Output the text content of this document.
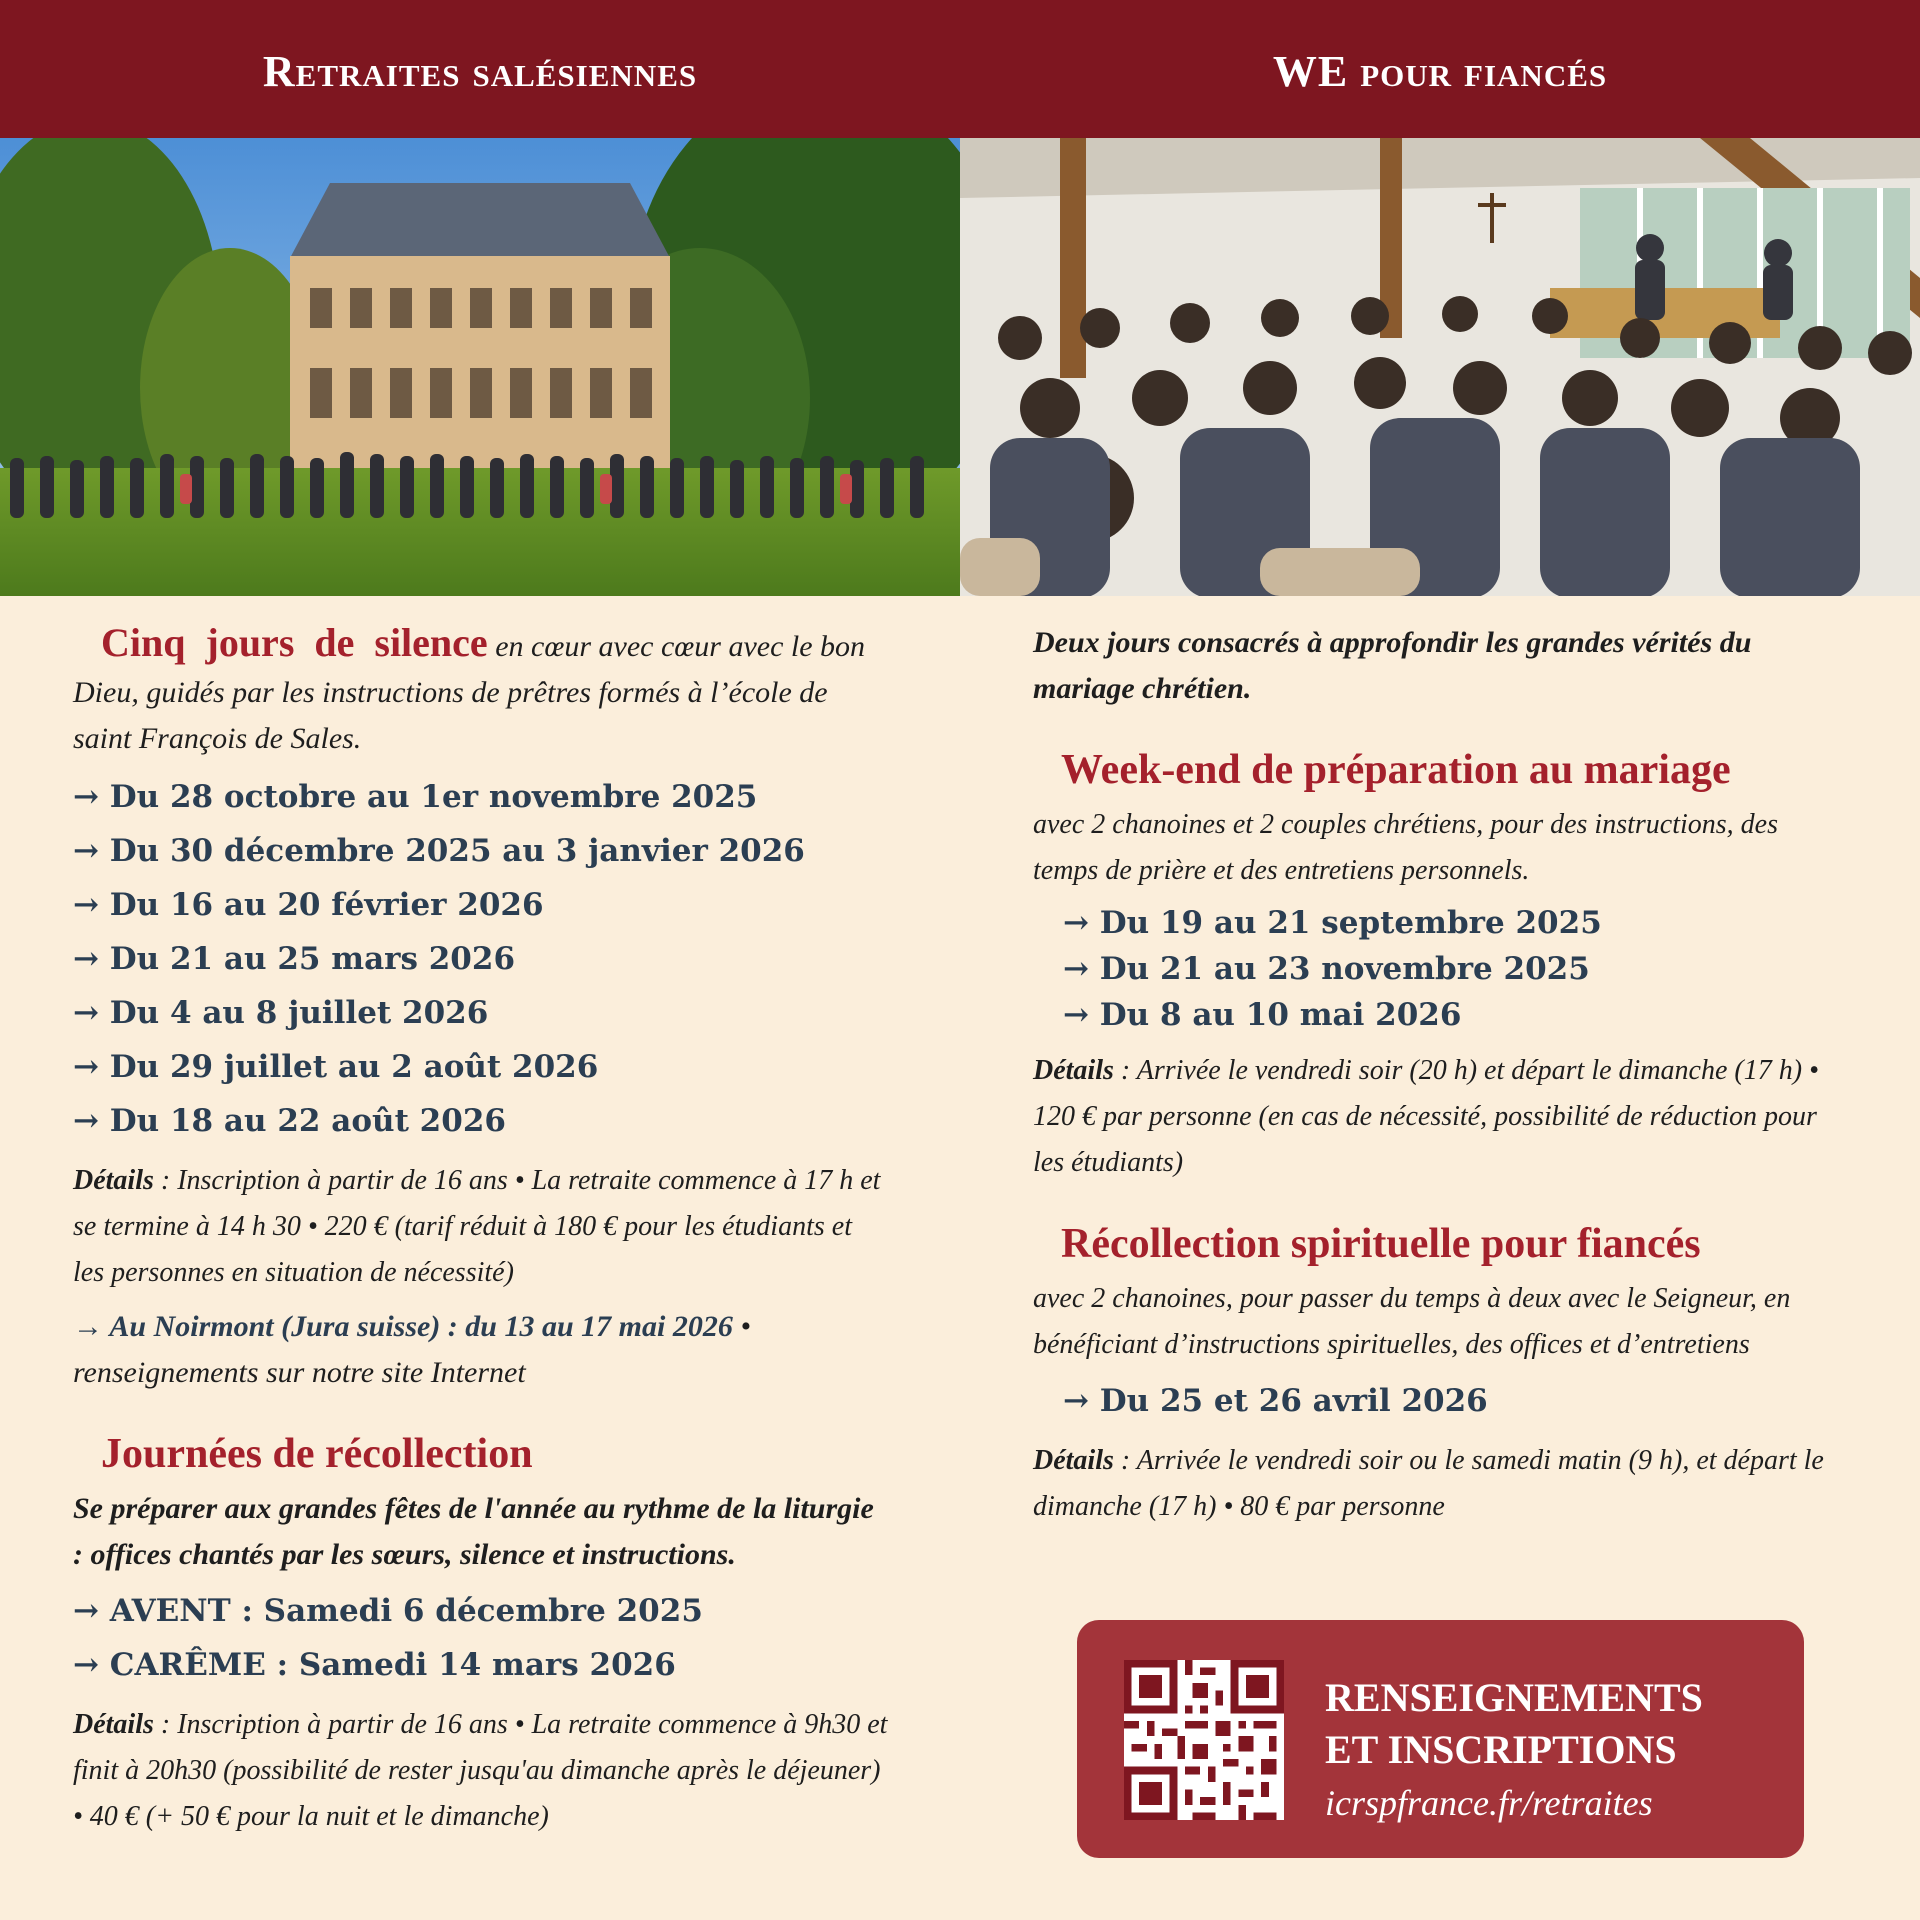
Retraites salésiennes	WE pour fiancés

Cinq jours de silence en cœur avec cœur avec le bon Dieu, guidés par les instructions de prêtres formés à l’école de saint François de Sales.

→ Du 28 octobre au 1er novembre 2025
→ Du 30 décembre 2025 au 3 janvier 2026
→ Du 16 au 20 février 2026
→ Du 21 au 25 mars 2026
→ Du 4 au 8 juillet 2026
→ Du 29 juillet au 2 août 2026
→ Du 18 au 22 août 2026

Détails : Inscription à partir de 16 ans • La retraite commence à 17 h et se termine à 14 h 30 • 220 € (tarif réduit à 180 € pour les étudiants et les personnes en situation de nécessité)

→ Au Noirmont (Jura suisse) : du 13 au 17 mai 2026 • renseignements sur notre site Internet

Journées de récollection

Se préparer aux grandes fêtes de l'année au rythme de la liturgie : offices chantés par les sœurs, silence et instructions.

→ AVENT : Samedi 6 décembre 2025
→ CARÊME : Samedi 14 mars 2026

Détails : Inscription à partir de 16 ans • La retraite commence à 9h30 et finit à 20h30 (possibilité de rester jusqu'au dimanche après le déjeuner) • 40 € (+ 50 € pour la nuit et le dimanche)

Deux jours consacrés à approfondir les grandes vérités du mariage chrétien.

Week-end de préparation au mariage

avec 2 chanoines et 2 couples chrétiens, pour des instructions, des temps de prière et des entretiens personnels.

→ Du 19 au 21 septembre 2025
→ Du 21 au 23 novembre 2025
→ Du 8 au 10 mai 2026

Détails : Arrivée le vendredi soir (20 h) et départ le dimanche (17 h) • 120 € par personne (en cas de nécessité, possibilité de réduction pour les étudiants)

Récollection spirituelle pour fiancés

avec 2 chanoines, pour passer du temps à deux avec le Seigneur, en bénéficiant d’instructions spirituelles, des offices et d’entretiens

→ Du 25 et 26 avril 2026

Détails : Arrivée le vendredi soir ou le samedi matin (9 h), et départ le dimanche (17 h) • 80 € par personne

RENSEIGNEMENTS
ET INSCRIPTIONS
icrspfrance.fr/retraites
